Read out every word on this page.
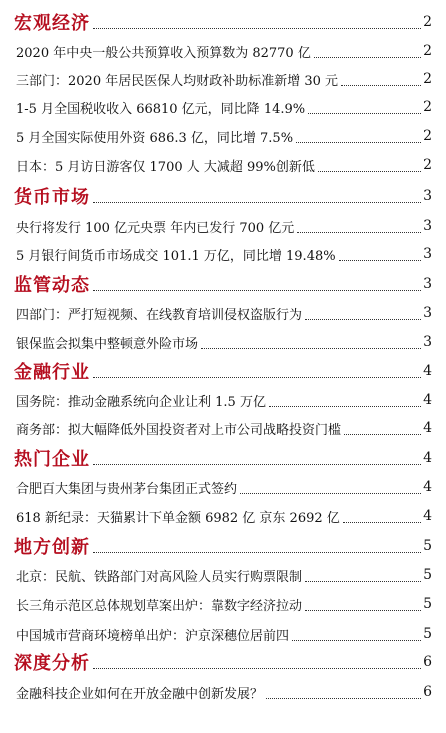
宏观经济	2
2020 年中央一般公共预算收入预算数为 82770 亿	2
三部门：2020 年居民医保人均财政补助标准新增 30 元	2
1-5 月全国税收收入 66810 亿元，同比降 14.9%	2
5 月全国实际使用外资 686.3 亿，同比增 7.5%	2
日本：5 月访日游客仅 1700 人 大减超 99%创新低	2
货币市场	3
央行将发行 100 亿元央票 年内已发行 700 亿元	3
5 月银行间货币市场成交 101.1 万亿，同比增 19.48%	3
监管动态	3
四部门：严打短视频、在线教育培训侵权盗版行为	3
银保监会拟集中整顿意外险市场	3
金融行业	4
国务院：推动金融系统向企业让利 1.5 万亿	4
商务部：拟大幅降低外国投资者对上市公司战略投资门槛	4
热门企业	4
合肥百大集团与贵州茅台集团正式签约	4
618 新纪录：天猫累计下单金额 6982 亿 京东 2692 亿	4
地方创新	5
北京：民航、铁路部门对高风险人员实行购票限制	5
长三角示范区总体规划草案出炉：靠数字经济拉动	5
中国城市营商环境榜单出炉：沪京深穗位居前四	5
深度分析	6
金融科技企业如何在开放金融中创新发展？	6
